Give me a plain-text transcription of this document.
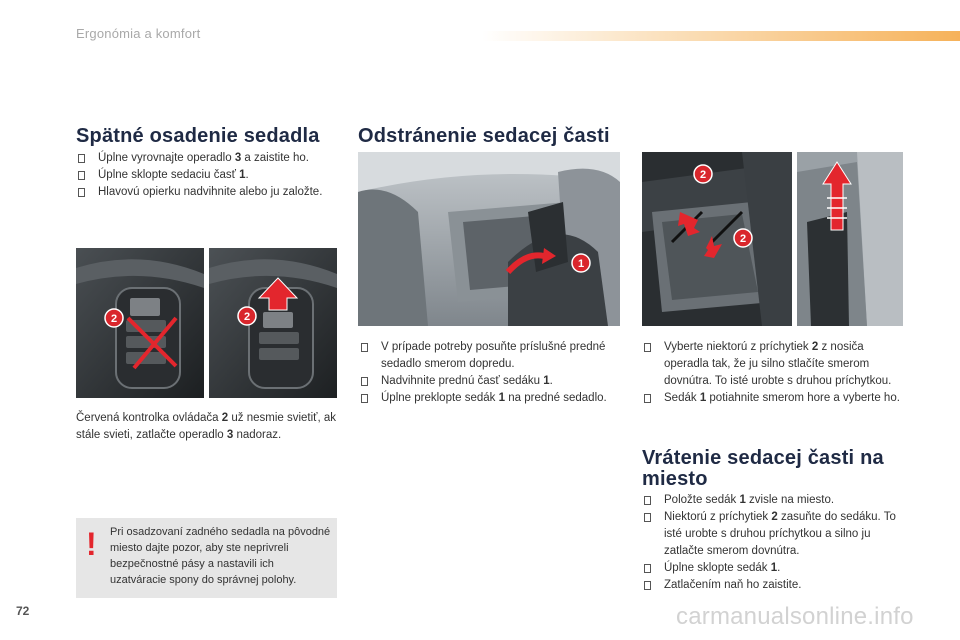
Ergonómia a komfort
Spätné osadenie sedadla
Úplne vyrovnajte operadlo 3 a zaistite ho.
Úplne sklopte sedaciu časť 1.
Hlavovú opierku nadvihnite alebo ju založte.
2	2

Červená kontrolka ovládača 2 už nesmie svietiť, ak stále svieti, zatlačte operadlo 3 nadoraz.

! Pri osadzovaní zadného sedadla na pôvodné miesto dajte pozor, aby ste neprivreli bezpečnostné pásy a nastavili ich uzatváracie spony do správnej polohy.
Odstránenie sedacej časti
1
2
2
V prípade potreby posuňte príslušné predné sedadlo smerom dopredu.
Nadvihnite prednú časť sedáku 1.
Úplne preklopte sedák 1 na predné sedadlo.
Vyberte niektorú z príchytiek 2 z nosiča operadla tak, že ju silno stlačíte smerom dovnútra. To isté urobte s druhou príchytkou.
Sedák 1 potiahnite smerom hore a vyberte ho.
Vrátenie sedacej časti na miesto
Položte sedák 1 zvisle na miesto.
Niektorú z príchytiek 2 zasuňte do sedáku. To isté urobte s druhou príchytkou a silno ju zatlačte smerom dovnútra.
Úplne sklopte sedák 1.
Zatlačením naň ho zaistite.
72	carmanualsonline.info
